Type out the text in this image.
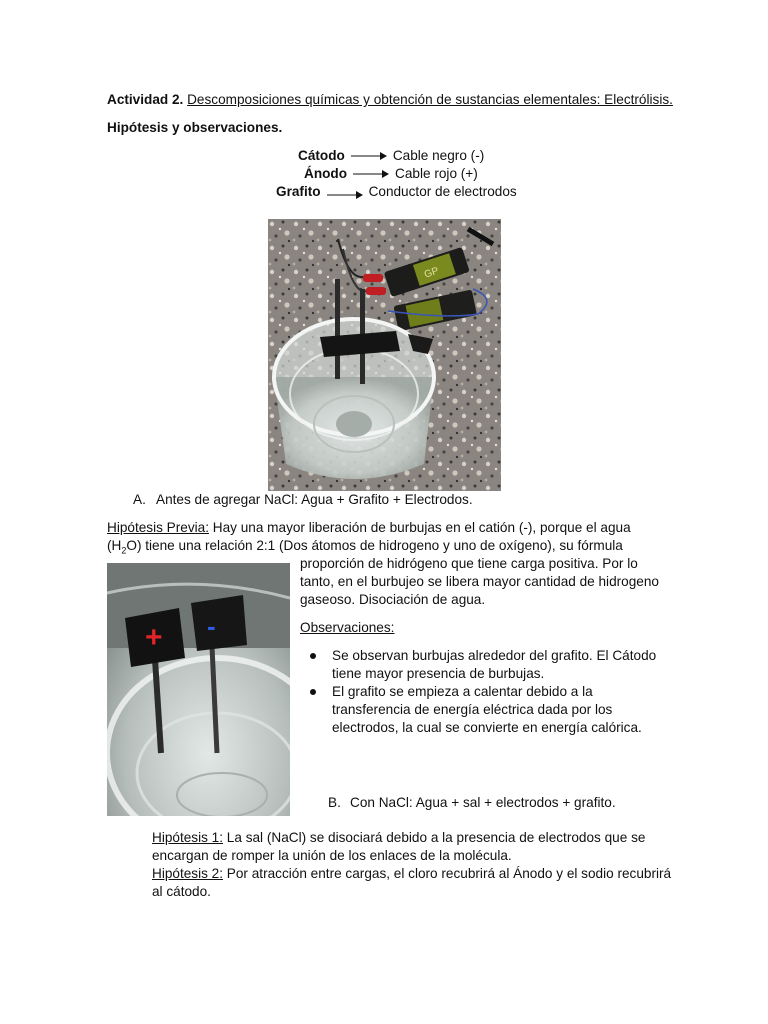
Actividad 2. Descomposiciones químicas y obtención de sustancias elementales: Electrólisis.
Hipótesis y observaciones.
Cátodo	Cable negro (-)
Ánodo	Cable rojo (+)
Grafito	Conductor de electrodos
GP
A. Antes de agregar NaCl: Agua + Grafito + Electrodos.
Hipótesis Previa: Hay una mayor liberación de burbujas en el catión (-), porque el agua $(H_2O)$ tiene una relación 2:1 (Dos átomos de hidrogeno y uno de oxígeno), su fórmula
+ -
proporción de hidrógeno que tiene carga positiva. Por lo tanto, en el burbujeo se libera mayor cantidad de hidrogeno gaseoso. Disociación de agua.
Observaciones:
Se observan burbujas alrededor del grafito. El Cátodo tiene mayor presencia de burbujas.
El grafito se empieza a calentar debido a la transferencia de energía eléctrica dada por los electrodos, la cual se convierte en energía calórica.
B. Con NaCl: Agua + sal + electrodos + grafito.
Hipótesis 1: La sal (NaCl) se disociará debido a la presencia de electrodos que se encargan de romper la unión de los enlaces de la molécula.
Hipótesis 2: Por atracción entre cargas, el cloro recubrirá al Ánodo y el sodio recubrirá al cátodo.
